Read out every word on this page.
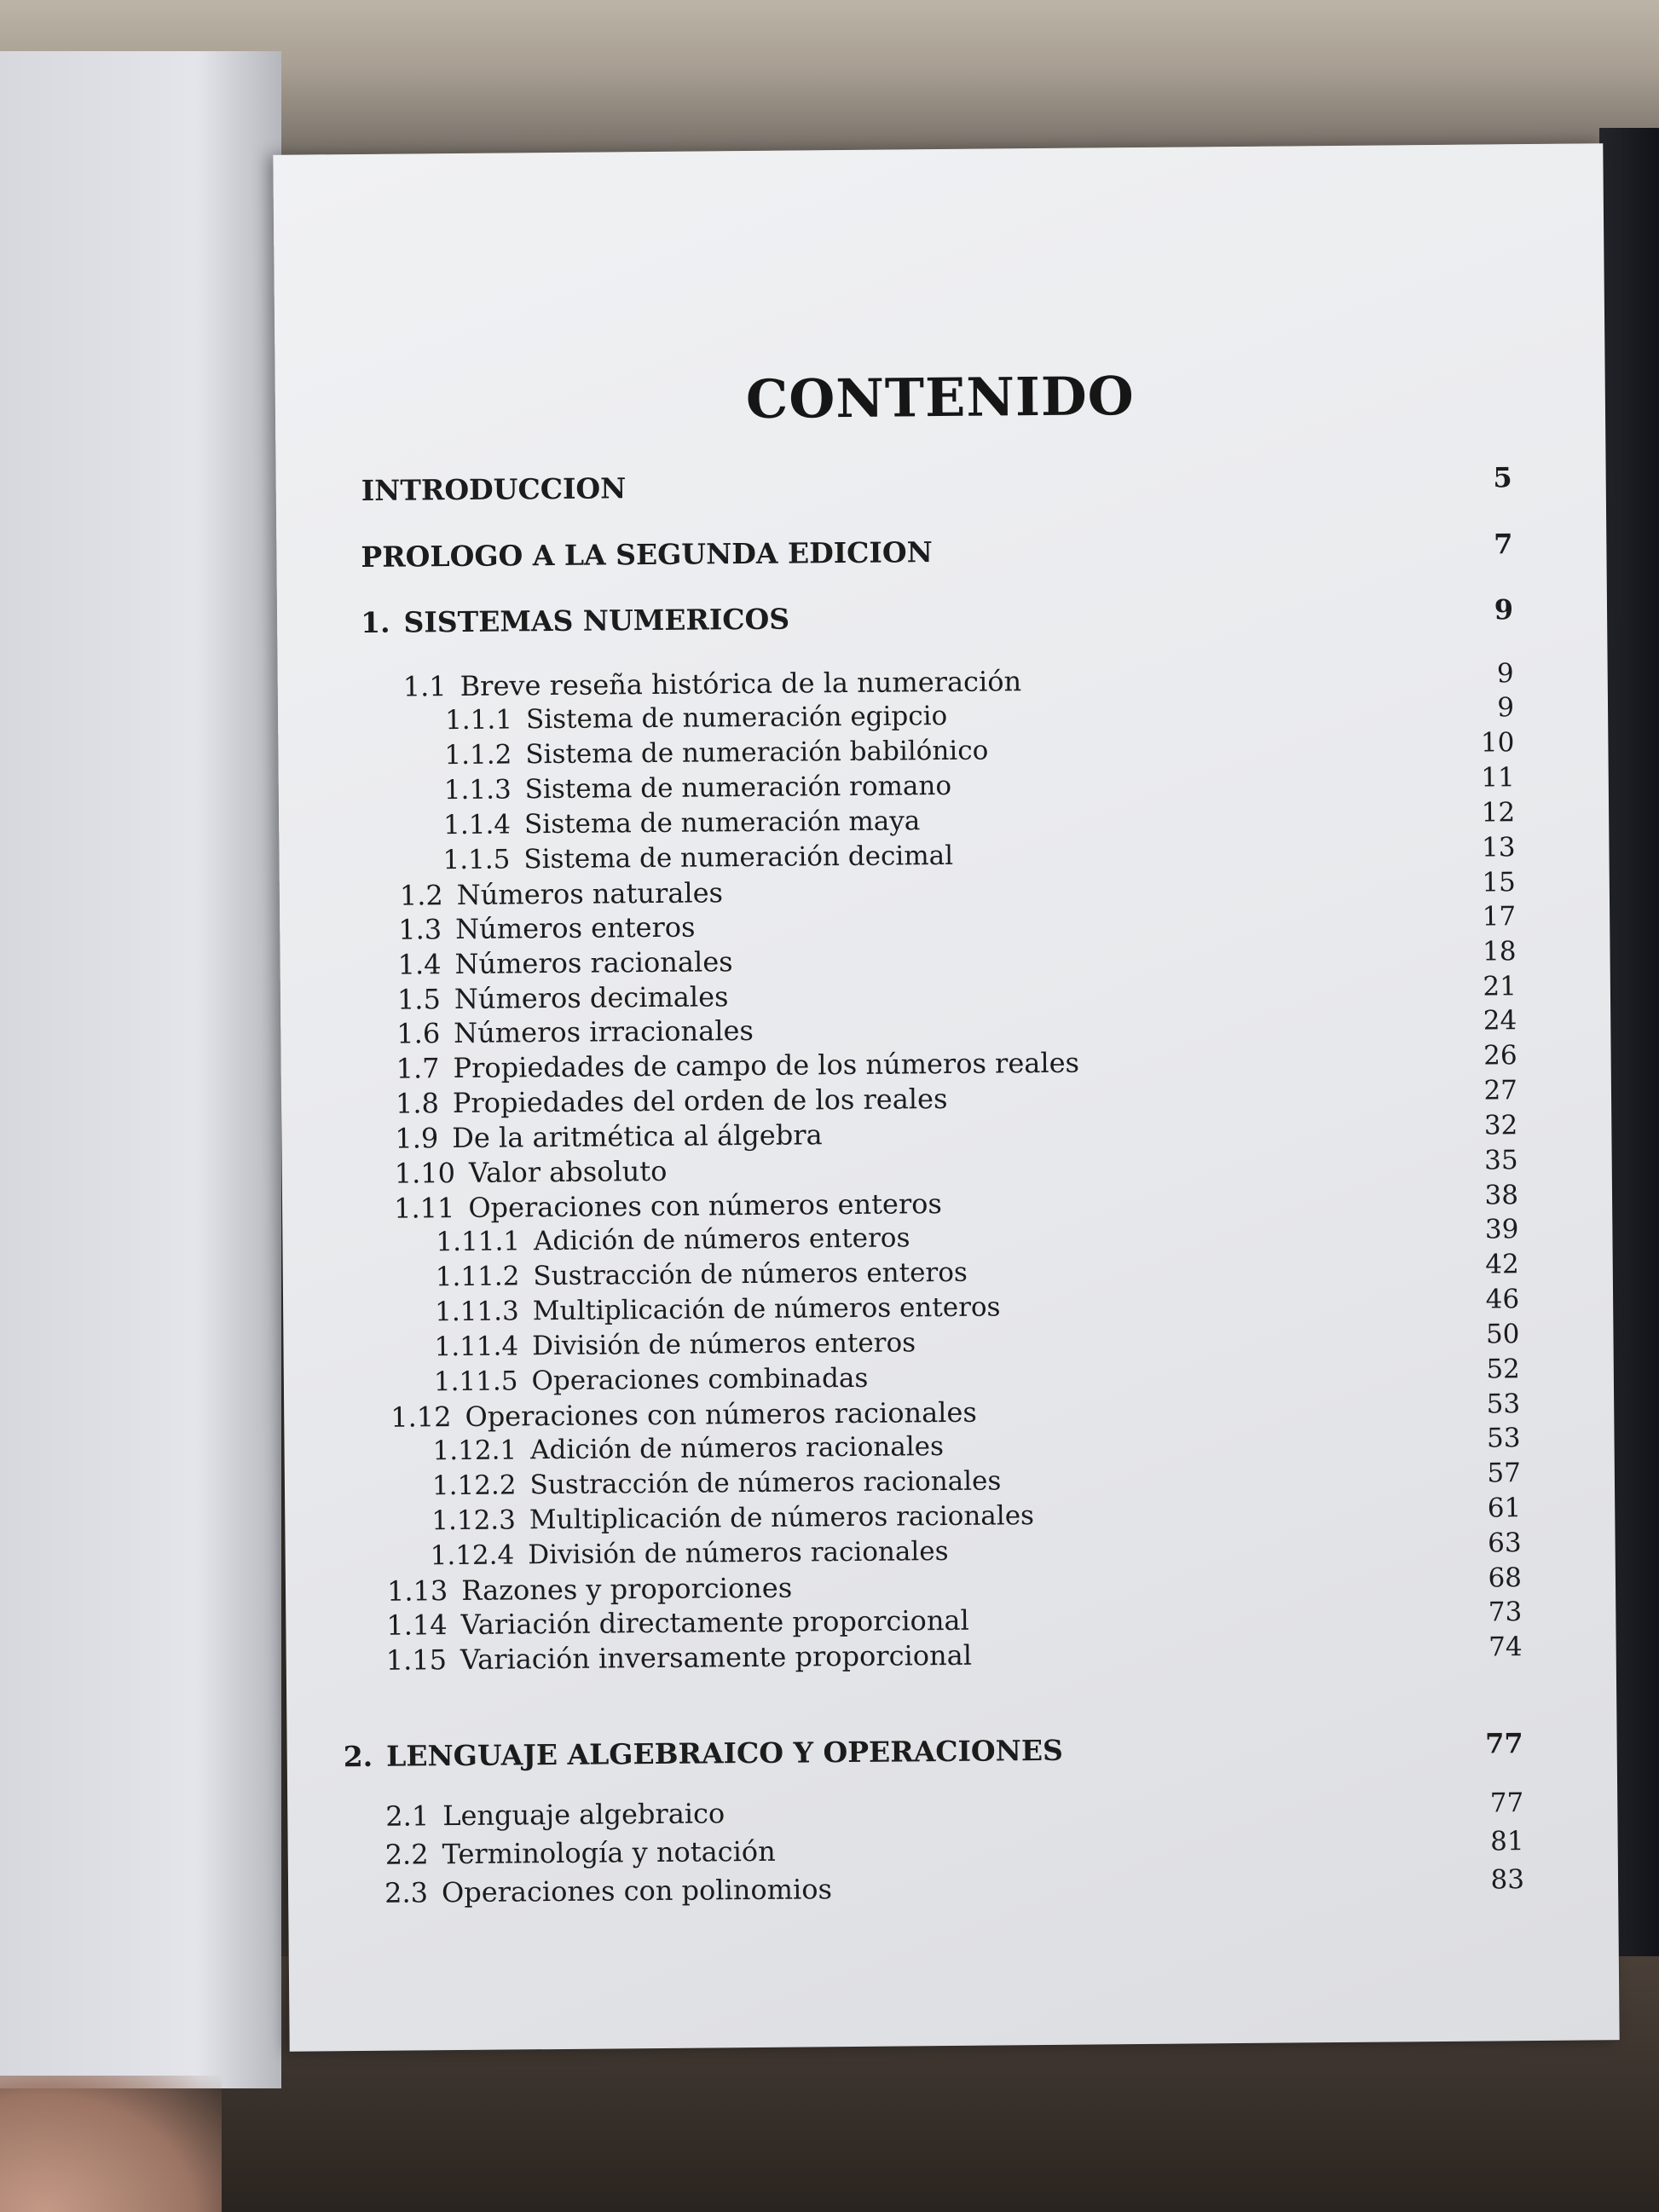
CONTENIDO
INTRODUCCION	5
PROLOGO A LA SEGUNDA EDICION	7
1. SISTEMAS NUMERICOS	9
1.1 Breve reseña histórica de la numeración	9
1.1.1 Sistema de numeración egipcio	9
1.1.2 Sistema de numeración babilónico	10
1.1.3 Sistema de numeración romano	11
1.1.4 Sistema de numeración maya	12
1.1.5 Sistema de numeración decimal	13
1.2 Números naturales	15
1.3 Números enteros	17
1.4 Números racionales	18
1.5 Números decimales	21
1.6 Números irracionales	24
1.7 Propiedades de campo de los números reales	26
1.8 Propiedades del orden de los reales	27
1.9 De la aritmética al álgebra	32
1.10 Valor absoluto	35
1.11 Operaciones con números enteros	38
1.11.1 Adición de números enteros	39
1.11.2 Sustracción de números enteros	42
1.11.3 Multiplicación de números enteros	46
1.11.4 División de números enteros	50
1.11.5 Operaciones combinadas	52
1.12 Operaciones con números racionales	53
1.12.1 Adición de números racionales	53
1.12.2 Sustracción de números racionales	57
1.12.3 Multiplicación de números racionales	61
1.12.4 División de números racionales	63
1.13 Razones y proporciones	68
1.14 Variación directamente proporcional	73
1.15 Variación inversamente proporcional	74
2. LENGUAJE ALGEBRAICO Y OPERACIONES	77
2.1 Lenguaje algebraico	77
2.2 Terminología y notación	81
2.3 Operaciones con polinomios	83
